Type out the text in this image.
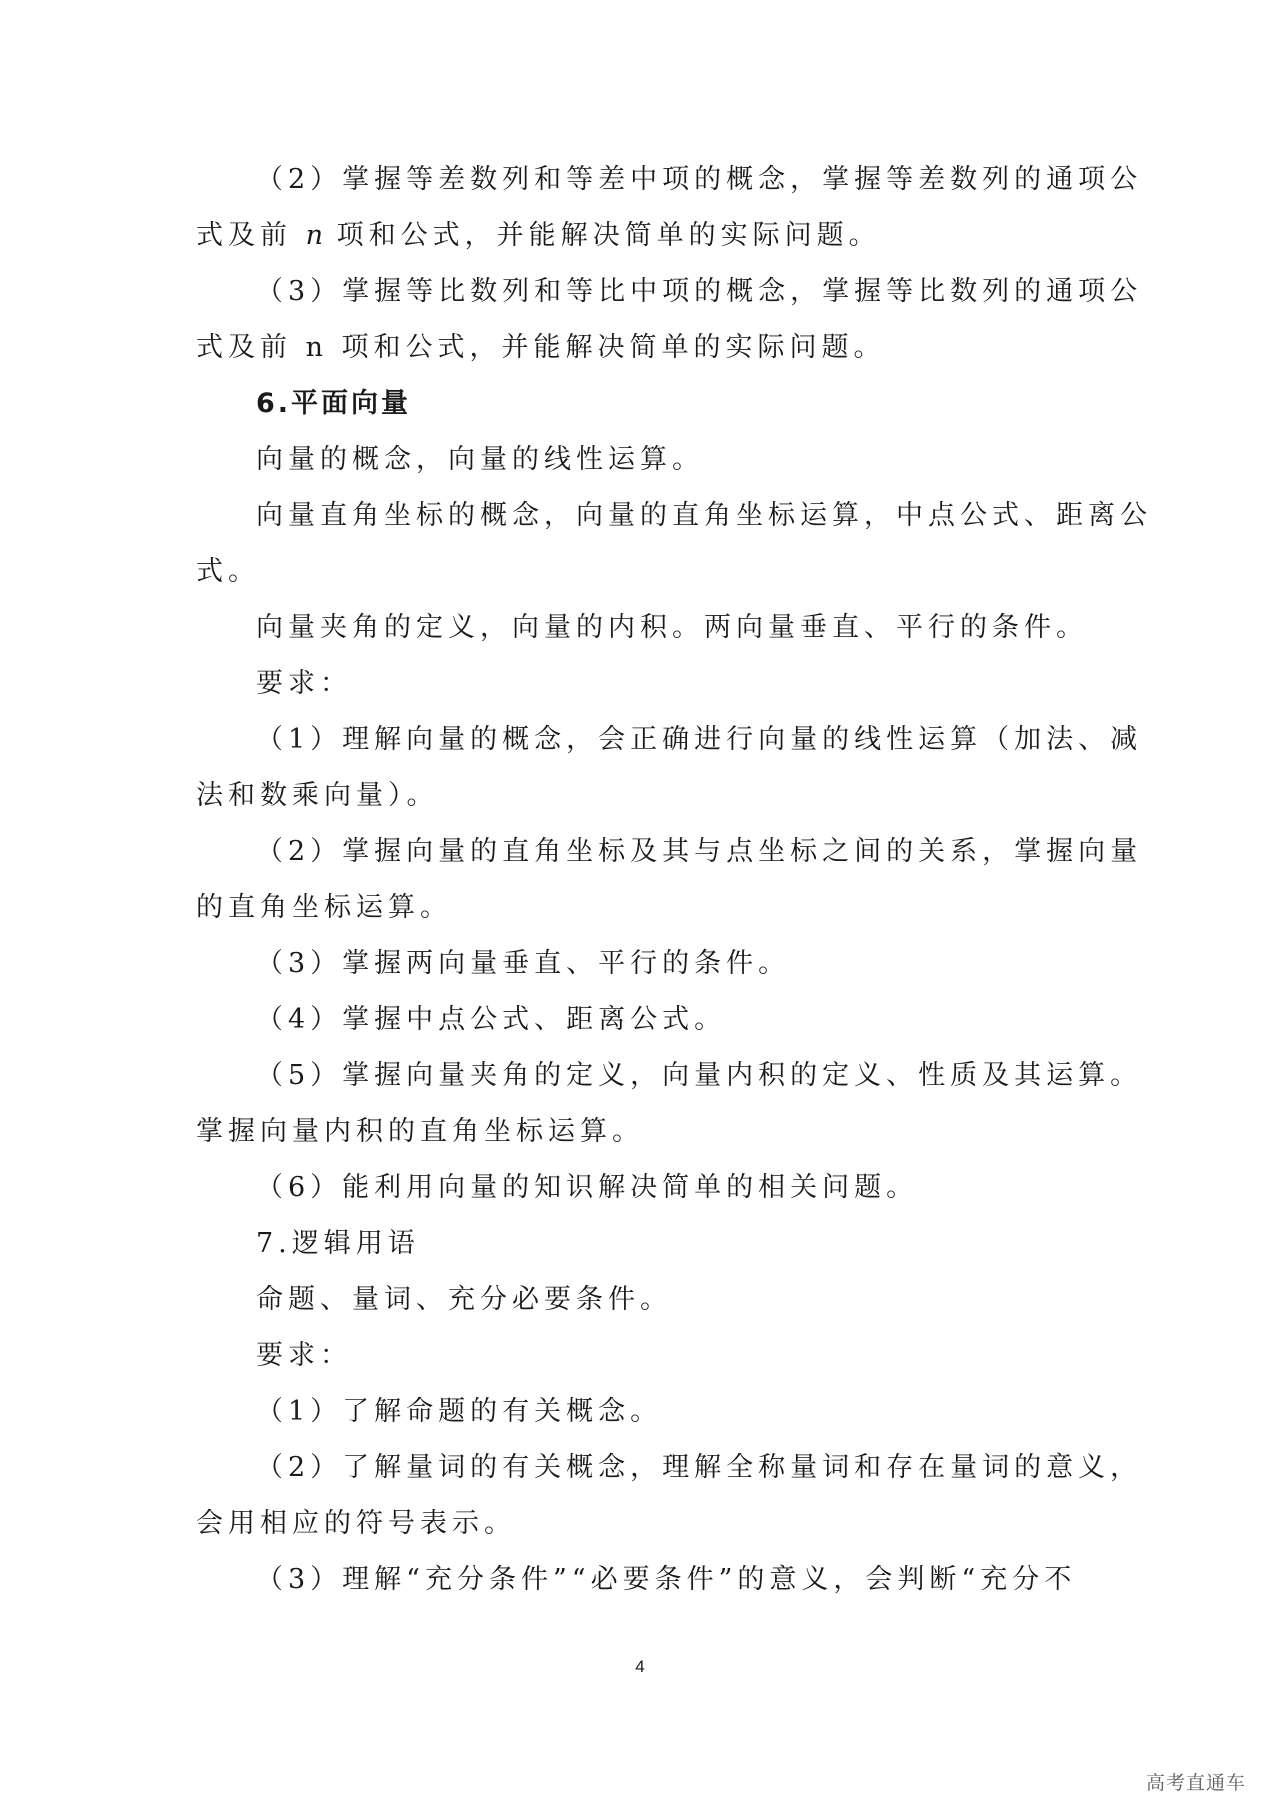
（2）掌握等差数列和等差中项的概念，掌握等差数列的通项公
式及前 n 项和公式，并能解决简单的实际问题。
（3）掌握等比数列和等比中项的概念，掌握等比数列的通项公
式及前 n 项和公式，并能解决简单的实际问题。
6.平面向量
向量的概念，向量的线性运算。
向量直角坐标的概念，向量的直角坐标运算，中点公式、距离公
式。
向量夹角的定义，向量的内积。两向量垂直、平行的条件。
要求：
（1）理解向量的概念，会正确进行向量的线性运算（加法、减
法和数乘向量）。
（2）掌握向量的直角坐标及其与点坐标之间的关系，掌握向量
的直角坐标运算。
（3）掌握两向量垂直、平行的条件。
（4）掌握中点公式、距离公式。
（5）掌握向量夹角的定义，向量内积的定义、性质及其运算。
掌握向量内积的直角坐标运算。
（6）能利用向量的知识解决简单的相关问题。
7.逻辑用语
命题、量词、充分必要条件。
要求：
（1）了解命题的有关概念。
（2）了解量词的有关概念，理解全称量词和存在量词的意义，
会用相应的符号表示。
（3）理解“充分条件”“必要条件”的意义，会判断“充分不
4
高考直通车
